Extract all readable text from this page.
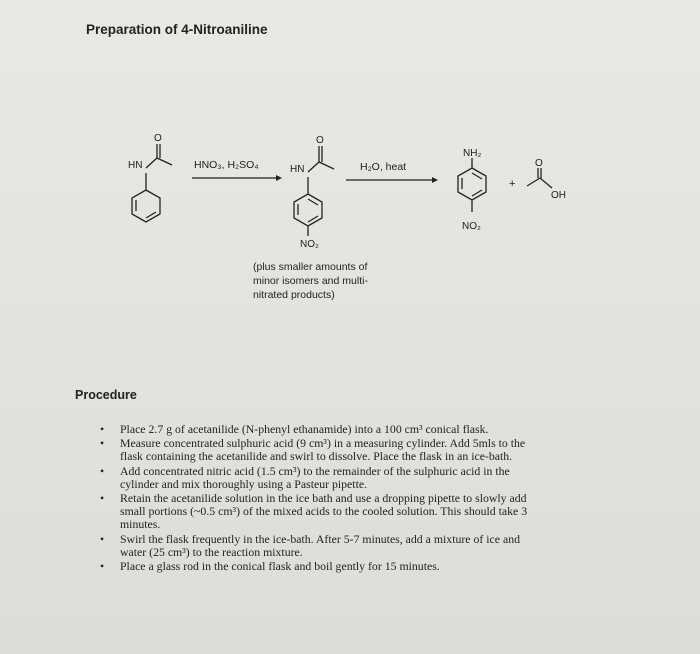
Preparation of 4-Nitroaniline
HN
O
HNO₃, H₂SO₄	HN
O
NO₂
H₂O, heat
NH₂
NO₂
+
O
OH
(plus smaller amounts of
minor isomers and multi-
nitrated products)
Procedure
• Place 2.7 g of acetanilide (N-phenyl ethanamide) into a 100 cm³ conical flask.
• Measure concentrated sulphuric acid (9 cm³) in a measuring cylinder. Add 5mls to the
flask containing the acetanilide and swirl to dissolve. Place the flask in an ice-bath.
• Add concentrated nitric acid (1.5 cm³) to the remainder of the sulphuric acid in the
cylinder and mix thoroughly using a Pasteur pipette.
• Retain the acetanilide solution in the ice bath and use a dropping pipette to slowly add
small portions (~0.5 cm³) of the mixed acids to the cooled solution. This should take 3
minutes.
• Swirl the flask frequently in the ice-bath. After 5-7 minutes, add a mixture of ice and
water (25 cm³) to the reaction mixture.
• Place a glass rod in the conical flask and boil gently for 15 minutes.
